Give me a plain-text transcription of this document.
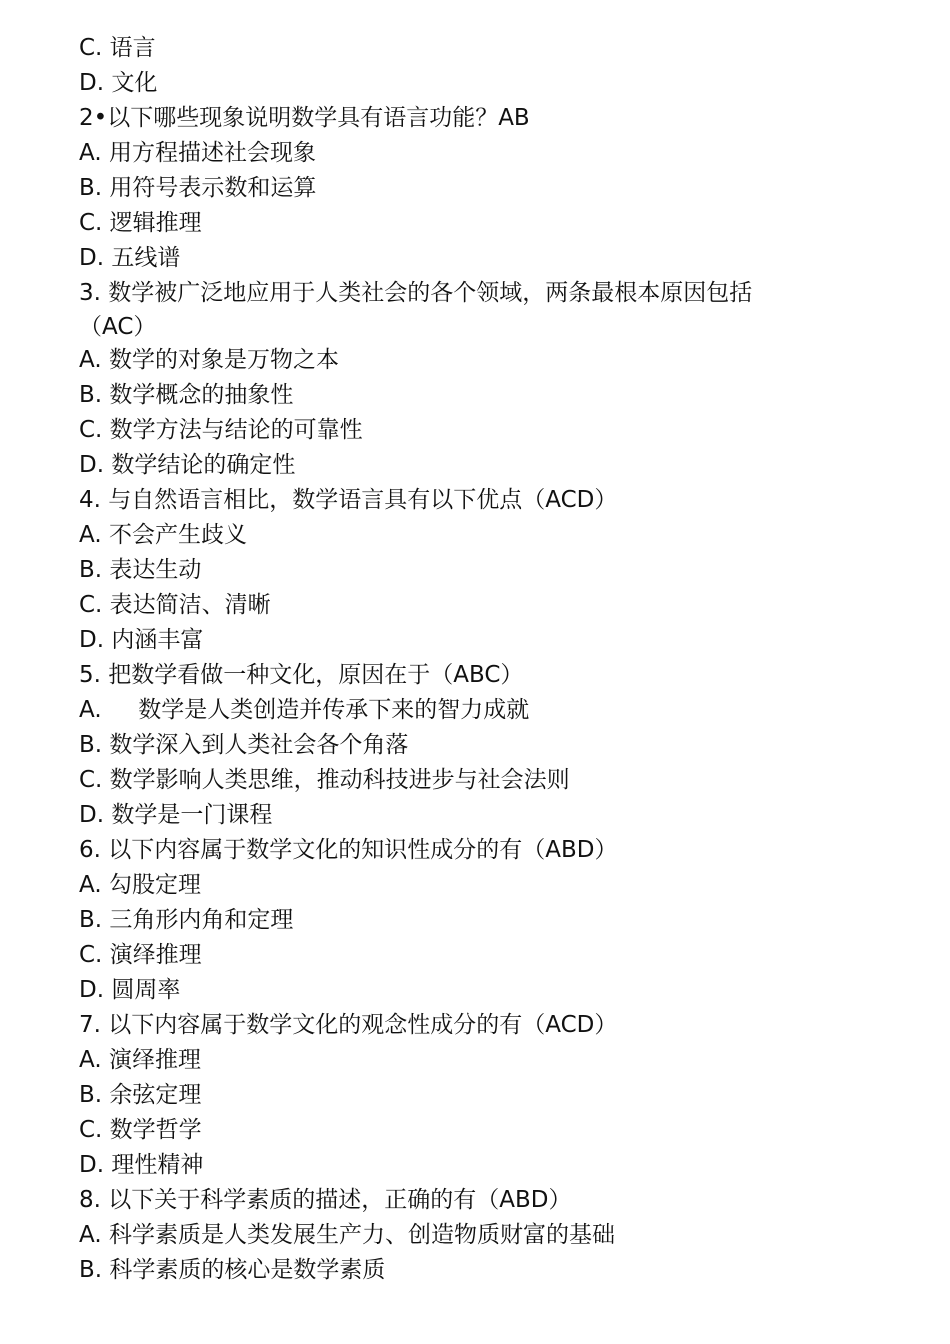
C. 语言
D. 文化
2•以下哪些现象说明数学具有语言功能？AB
A. 用方程描述社会现象
B. 用符号表示数和运算
C. 逻辑推理
D. 五线谱
3. 数学被广泛地应用于人类社会的各个领域，两条最根本原因包括
（AC）
A. 数学的对象是万物之本
B. 数学概念的抽象性
C. 数学方法与结论的可靠性
D. 数学结论的确定性
4. 与自然语言相比，数学语言具有以下优点（ACD）
A. 不会产生歧义
B. 表达生动
C. 表达简洁、清晰
D. 内涵丰富
5. 把数学看做一种文化，原因在于（ABC）
A.     数学是人类创造并传承下来的智力成就
B. 数学深入到人类社会各个角落
C. 数学影响人类思维，推动科技进步与社会法则
D. 数学是一门课程
6. 以下内容属于数学文化的知识性成分的有（ABD）
A. 勾股定理
B. 三角形内角和定理
C. 演绎推理
D. 圆周率
7. 以下内容属于数学文化的观念性成分的有（ACD）
A. 演绎推理
B. 余弦定理
C. 数学哲学
D. 理性精神
8. 以下关于科学素质的描述，正确的有（ABD）
A. 科学素质是人类发展生产力、创造物质财富的基础
B. 科学素质的核心是数学素质
